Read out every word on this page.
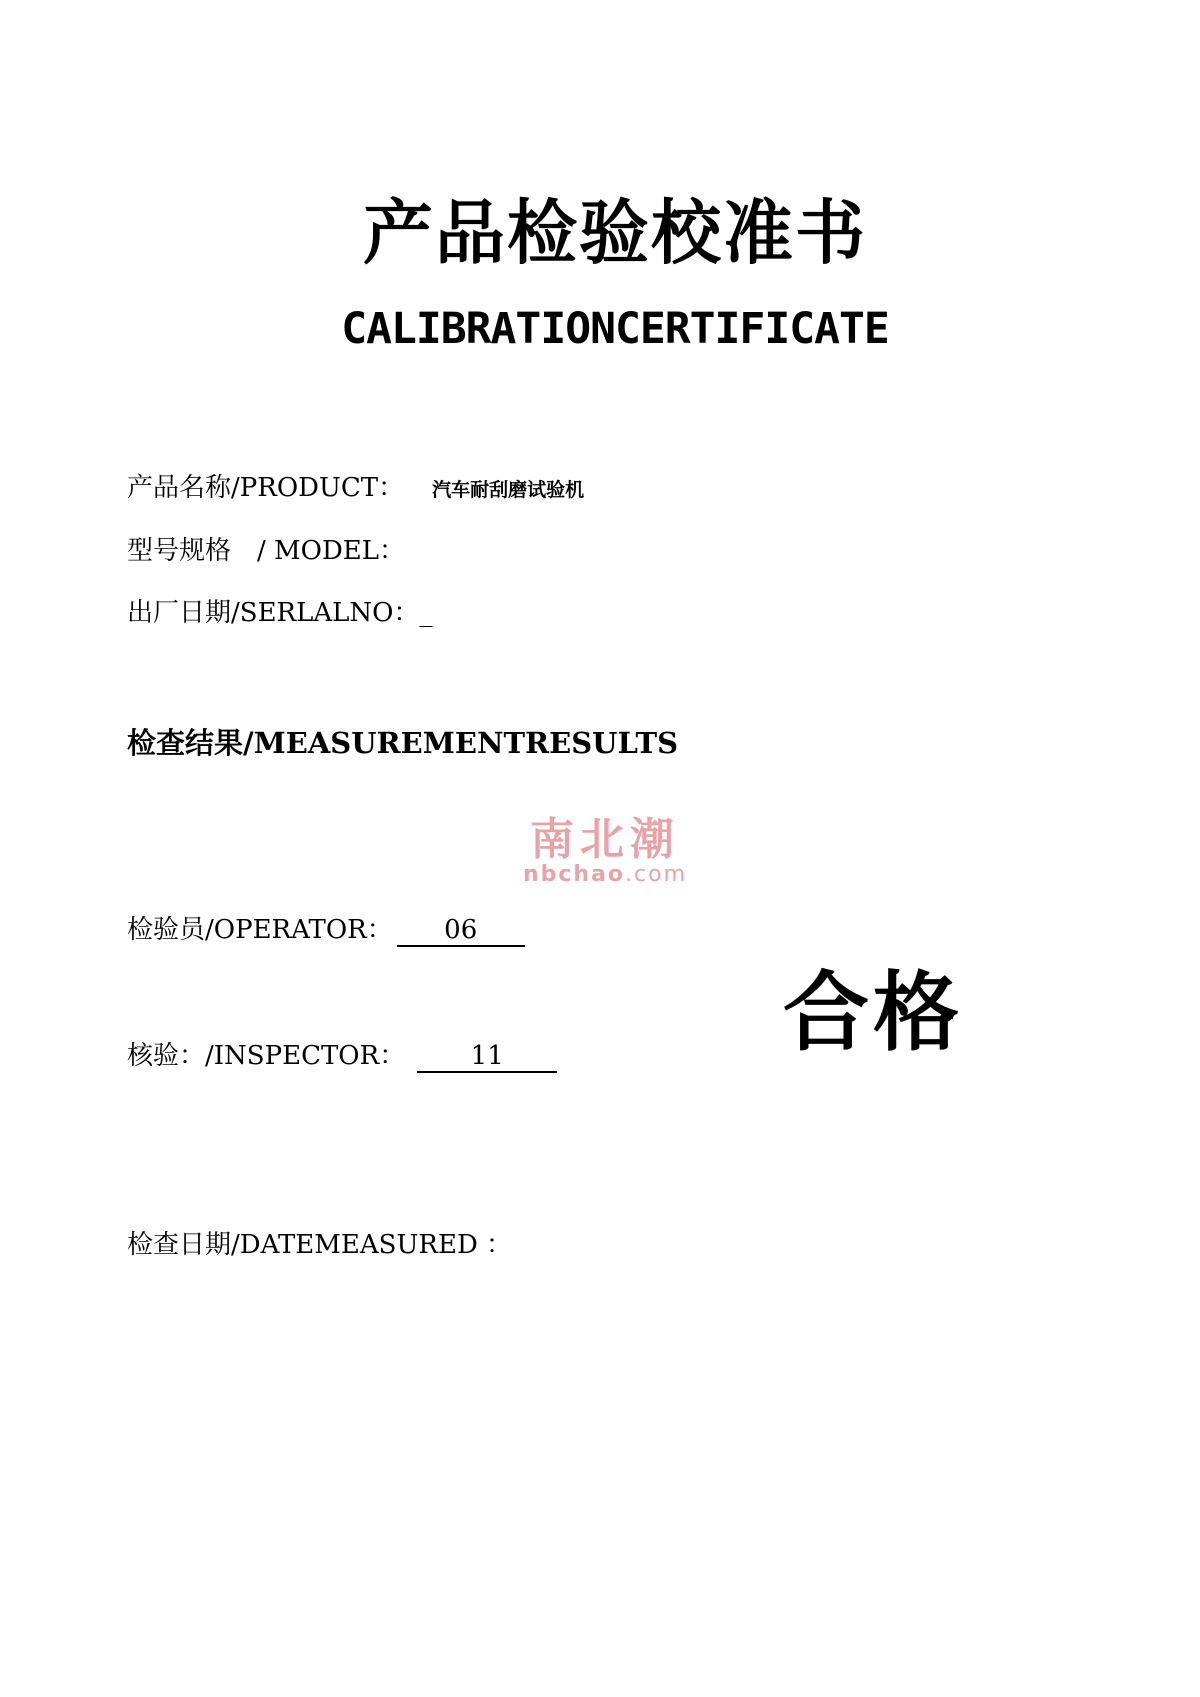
产品检验校准书
CALIBRATIONCERTIFICATE
产品名称/PRODUCT： 汽车耐刮磨试验机
型号规格　/ MODEL：
出厂日期/SERLALNO：_
检查结果/MEASUREMENTRESULTS
南北潮
nbchao.com
检验员/OPERATOR： 06
合格
核验：/INSPECTOR：	11
检查日期/DATEMEASURED ：
